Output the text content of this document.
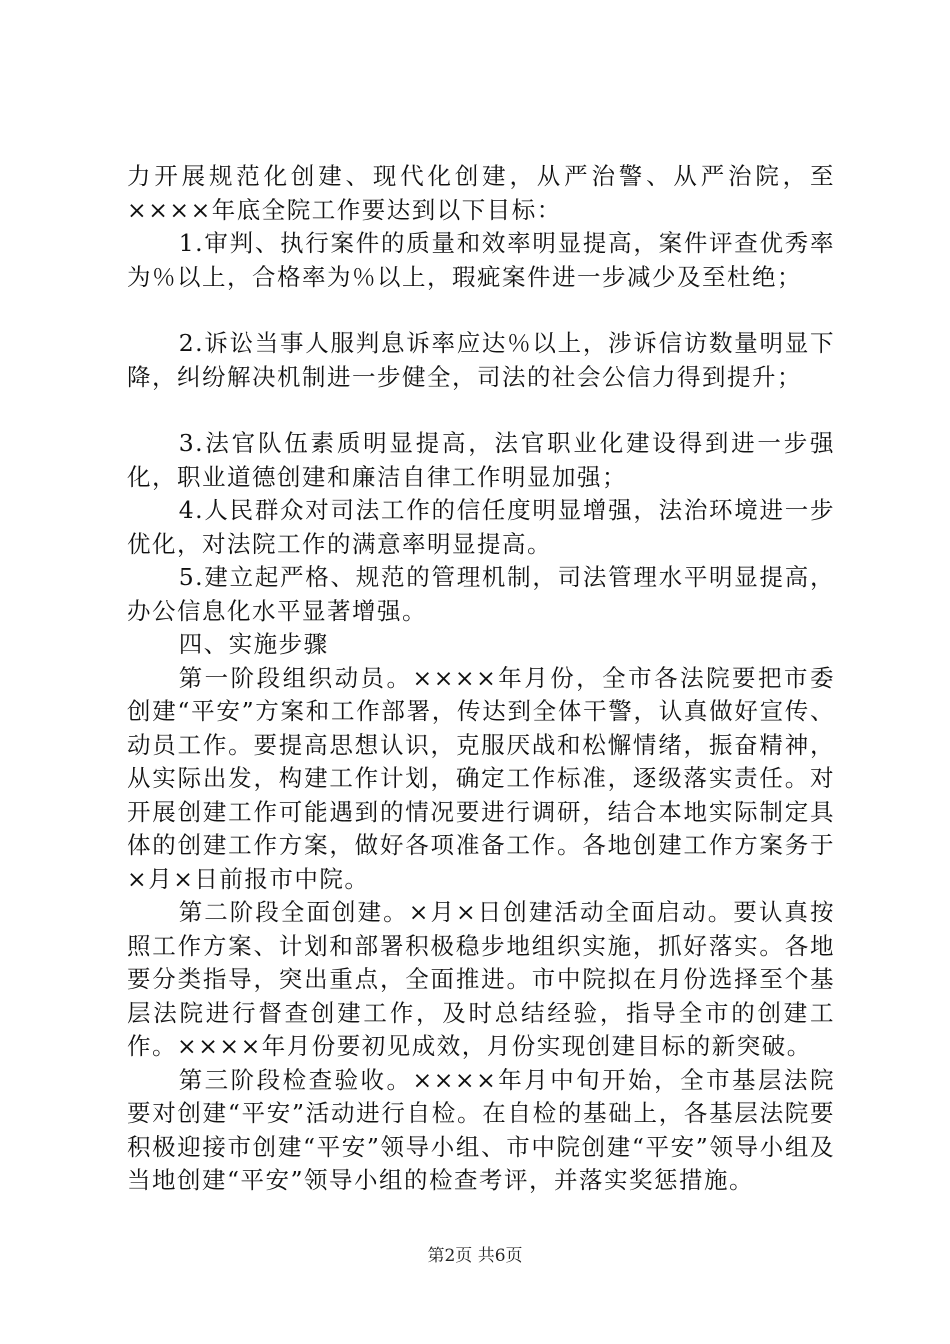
力开展规范化创建、现代化创建，从严治警、从严治院，至××××年底全院工作要达到以下目标：

1.审判、执行案件的质量和效率明显提高，案件评查优秀率为％以上，合格率为％以上，瑕疵案件进一步减少及至杜绝；

2.诉讼当事人服判息诉率应达％以上，涉诉信访数量明显下降，纠纷解决机制进一步健全，司法的社会公信力得到提升；

3.法官队伍素质明显提高，法官职业化建设得到进一步强化，职业道德创建和廉洁自律工作明显加强；

4.人民群众对司法工作的信任度明显增强，法治环境进一步优化，对法院工作的满意率明显提高。

5.建立起严格、规范的管理机制，司法管理水平明显提高，办公信息化水平显著增强。

四、实施步骤

第一阶段组织动员。××××年月份，全市各法院要把市委创建“平安”方案和工作部署，传达到全体干警，认真做好宣传、动员工作。要提高思想认识，克服厌战和松懈情绪，振奋精神，从实际出发，构建工作计划，确定工作标准，逐级落实责任。对开展创建工作可能遇到的情况要进行调研，结合本地实际制定具体的创建工作方案，做好各项准备工作。各地创建工作方案务于×月×日前报市中院。

第二阶段全面创建。×月×日创建活动全面启动。要认真按照工作方案、计划和部署积极稳步地组织实施，抓好落实。各地要分类指导，突出重点，全面推进。市中院拟在月份选择至个基层法院进行督查创建工作，及时总结经验，指导全市的创建工作。××××年月份要初见成效，月份实现创建目标的新突破。

第三阶段检查验收。××××年月中旬开始，全市基层法院要对创建“平安”活动进行自检。在自检的基础上，各基层法院要积极迎接市创建“平安”领导小组、市中院创建“平安”领导小组及当地创建“平安”领导小组的检查考评，并落实奖惩措施。

第2页 共6页
